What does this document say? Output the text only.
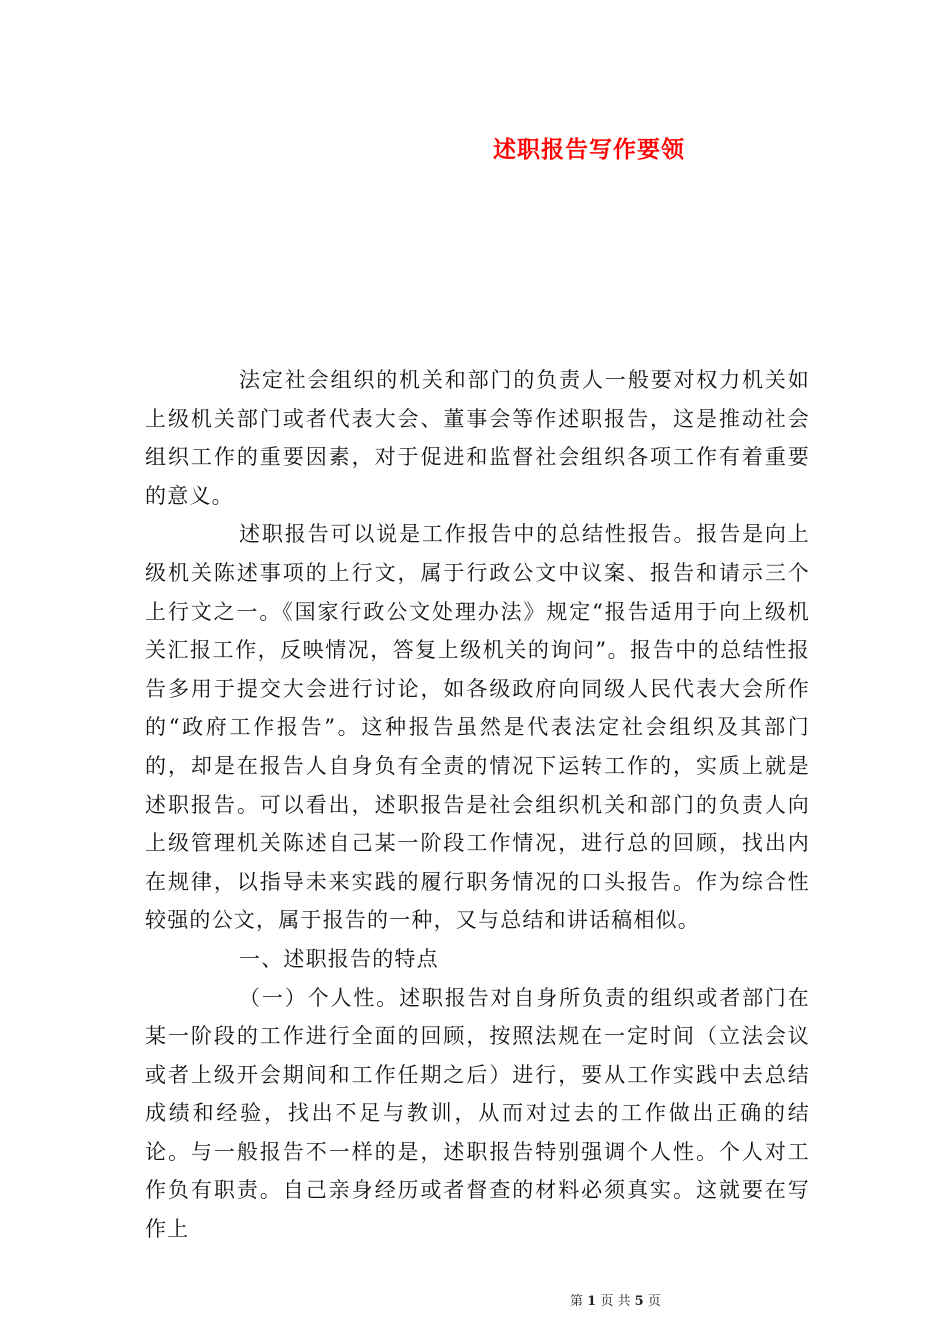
述职报告写作要领

法定社会组织的机关和部门的负责人一般要对权力机关如上级机关部门或者代表大会、董事会等作述职报告，这是推动社会组织工作的重要因素，对于促进和监督社会组织各项工作有着重要的意义。

述职报告可以说是工作报告中的总结性报告。报告是向上级机关陈述事项的上行文，属于行政公文中议案、报告和请示三个上行文之一。《国家行政公文处理办法》规定“报告适用于向上级机关汇报工作，反映情况，答复上级机关的询问”。报告中的总结性报告多用于提交大会进行讨论，如各级政府向同级人民代表大会所作的“政府工作报告”。这种报告虽然是代表法定社会组织及其部门的，却是在报告人自身负有全责的情况下运转工作的，实质上就是述职报告。可以看出，述职报告是社会组织机关和部门的负责人向上级管理机关陈述自己某一阶段工作情况，进行总的回顾，找出内在规律，以指导未来实践的履行职务情况的口头报告。作为综合性较强的公文，属于报告的一种，又与总结和讲话稿相似。

一、述职报告的特点

（一）个人性。述职报告对自身所负责的组织或者部门在某一阶段的工作进行全面的回顾，按照法规在一定时间（立法会议或者上级开会期间和工作任期之后）进行，要从工作实践中去总结成绩和经验，找出不足与教训，从而对过去的工作做出正确的结论。与一般报告不一样的是，述职报告特别强调个人性。个人对工作负有职责。自己亲身经历或者督查的材料必须真实。这就要在写作上

第 1 页 共 5 页
